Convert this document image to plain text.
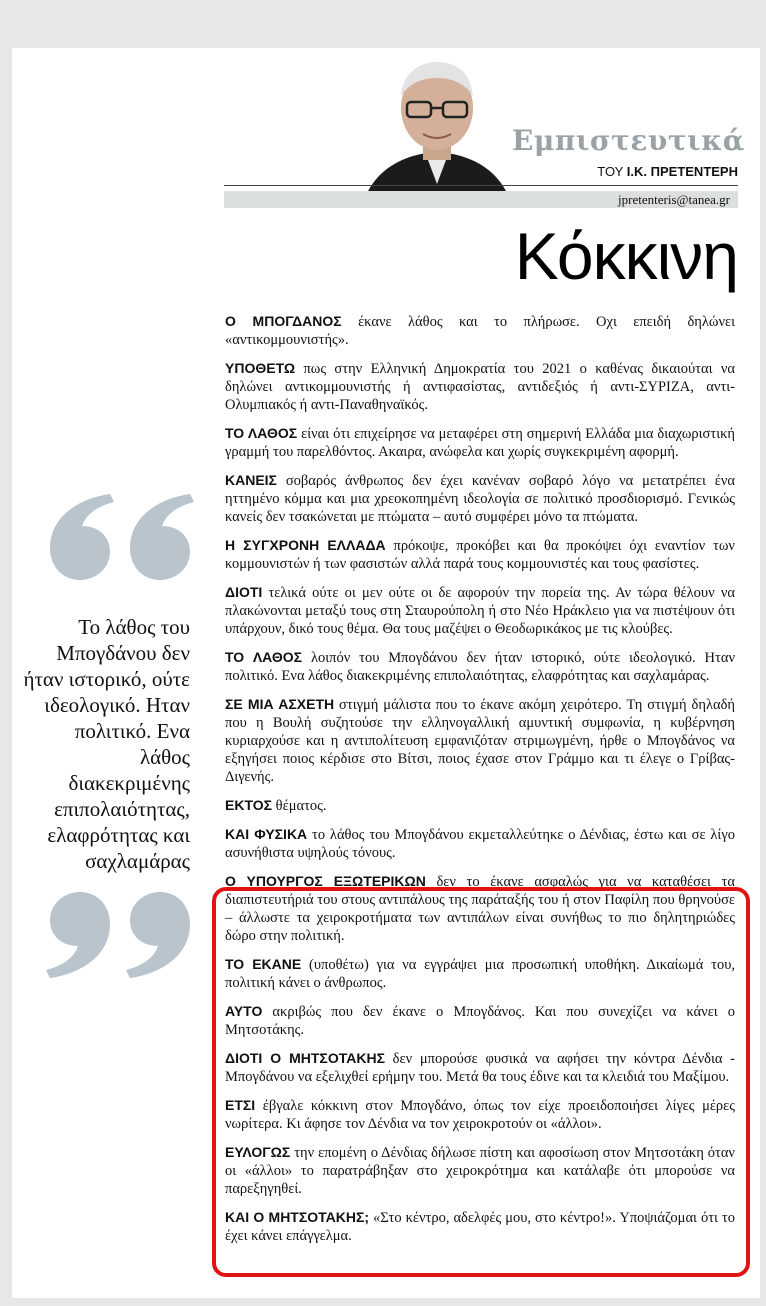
Εμπιστευτικά
ΤΟΥ Ι.Κ. ΠΡΕΤΕΝΤΕΡΗ
jpretenteris@tanea.gr
Κόκκινη
Το λάθος του Μπογδάνου δεν ήταν ιστορικό, ούτε ιδεολογικό. Ηταν πολιτικό. Ενα λάθος διακεκριμένης επιπολαιότητας, ελαφρότητας και σαχλαμάρας

Ο ΜΠΟΓΔΑΝΟΣ έκανε λάθος και το πλήρωσε. Οχι επειδή δηλώνει «αντικομμουνιστής».

ΥΠΟΘΕΤΩ πως στην Ελληνική Δημοκρατία του 2021 ο καθένας δικαιούται να δηλώνει αντικομμουνιστής ή αντιφασίστας, αντιδεξιός ή αντι-ΣΥΡΙΖΑ, αντι-Ολυμπιακός ή αντι-Παναθηναϊκός.

ΤΟ ΛΑΘΟΣ είναι ότι επιχείρησε να μεταφέρει στη σημερινή Ελλάδα μια διαχωριστική γραμμή του παρελθόντος. Ακαιρα, ανώφελα και χωρίς συγκεκριμένη αφορμή.

ΚΑΝΕΙΣ σοβαρός άνθρωπος δεν έχει κανέναν σοβαρό λόγο να μετατρέπει ένα ηττημένο κόμμα και μια χρεοκοπημένη ιδεολογία σε πολιτικό προσδιορισμό. Γενικώς κανείς δεν τσακώνεται με πτώματα – αυτό συμφέρει μόνο τα πτώματα.

Η ΣΥΓΧΡΟΝΗ ΕΛΛΑΔΑ πρόκοψε, προκόβει και θα προκόψει όχι εναντίον των κομμουνιστών ή των φασιστών αλλά παρά τους κομμουνιστές και τους φασίστες.

ΔΙΟΤΙ τελικά ούτε οι μεν ούτε οι δε αφορούν την πορεία της. Αν τώρα θέλουν να πλακώνονται μεταξύ τους στη Σταυρούπολη ή στο Νέο Ηράκλειο για να πιστέψουν ότι υπάρχουν, δικό τους θέμα. Θα τους μαζέψει ο Θεοδωρικάκος με τις κλούβες.

ΤΟ ΛΑΘΟΣ λοιπόν του Μπογδάνου δεν ήταν ιστορικό, ούτε ιδεολογικό. Ηταν πολιτικό. Ενα λάθος διακεκριμένης επιπολαιότητας, ελαφρότητας και σαχλαμάρας.

ΣΕ ΜΙΑ ΑΣΧΕΤΗ στιγμή μάλιστα που το έκανε ακόμη χειρότερο. Τη στιγμή δηλαδή που η Βουλή συζητούσε την ελληνογαλλική αμυντική συμφωνία, η κυβέρνηση κυριαρχούσε και η αντιπολίτευση εμφανιζόταν στριμωγμένη, ήρθε ο Μπογδάνος να εξηγήσει ποιος κέρδισε στο Βίτσι, ποιος έχασε στον Γράμμο και τι έλεγε ο Γρίβας-Διγενής.

ΕΚΤΟΣ θέματος.

ΚΑΙ ΦΥΣΙΚΑ το λάθος του Μπογδάνου εκμεταλλεύτηκε ο Δένδιας, έστω και σε λίγο ασυνήθιστα υψηλούς τόνους.

Ο ΥΠΟΥΡΓΟΣ ΕΞΩΤΕΡΙΚΩΝ δεν το έκανε ασφαλώς για να καταθέσει τα διαπιστευτήριά του στους αντιπάλους της παράταξής του ή στον Παφίλη που θρηνούσε – άλλωστε τα χειροκροτήματα των αντιπάλων είναι συνήθως το πιο δηλητηριώδες δώρο στην πολιτική.

ΤΟ ΕΚΑΝΕ (υποθέτω) για να εγγράψει μια προσωπική υποθήκη. Δικαίωμά του, πολιτική κάνει ο άνθρωπος.

ΑΥΤΟ ακριβώς που δεν έκανε ο Μπογδάνος. Και που συνεχίζει να κάνει ο Μητσοτάκης.

ΔΙΟΤΙ Ο ΜΗΤΣΟΤΑΚΗΣ δεν μπορούσε φυσικά να αφήσει την κόντρα Δένδια - Μπογδάνου να εξελιχθεί ερήμην του. Μετά θα τους έδινε και τα κλειδιά του Μαξίμου.

ΕΤΣΙ έβγαλε κόκκινη στον Μπογδάνο, όπως τον είχε προειδοποιήσει λίγες μέρες νωρίτερα. Κι άφησε τον Δένδια να τον χειροκροτούν οι «άλλοι».

ΕΥΛΟΓΩΣ την επομένη ο Δένδιας δήλωσε πίστη και αφοσίωση στον Μητσοτάκη όταν οι «άλλοι» το παρατράβηξαν στο χειροκρότημα και κατάλαβε ότι μπορούσε να παρεξηγηθεί.

ΚΑΙ Ο ΜΗΤΣΟΤΑΚΗΣ; «Στο κέντρο, αδελφές μου, στο κέντρο!». Υποψιάζομαι ότι το έχει κάνει επάγγελμα.
